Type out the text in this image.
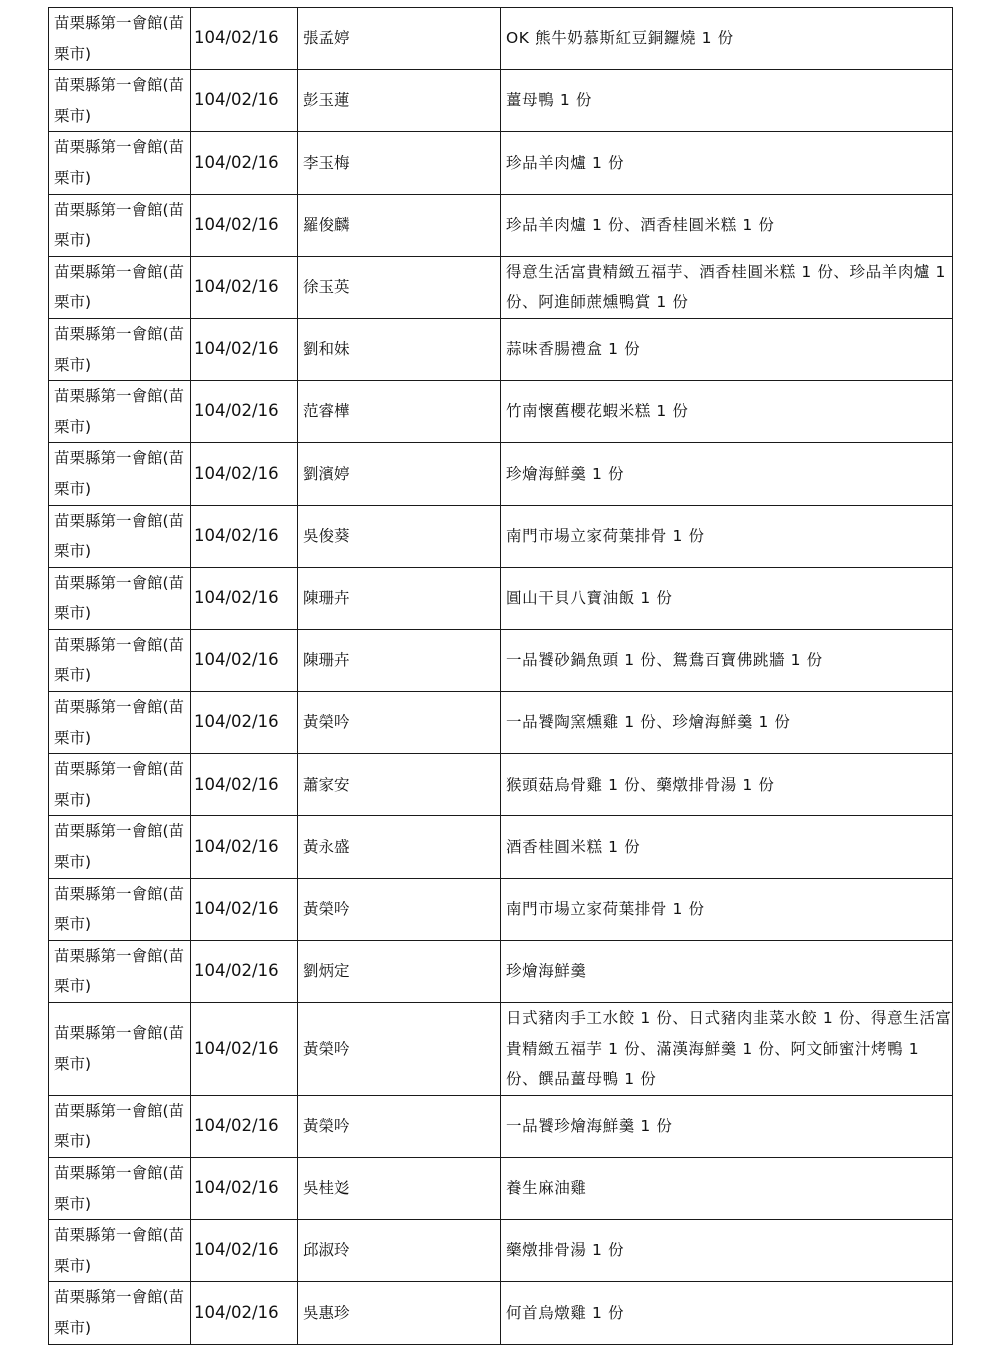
苗栗縣第一會館(苗栗市)	104/02/16	張孟婷	OK 熊牛奶慕斯紅豆銅鑼燒 1 份
苗栗縣第一會館(苗栗市)	104/02/16	彭玉蓮	薑母鴨 1 份
苗栗縣第一會館(苗栗市)	104/02/16	李玉梅	珍品羊肉爐 1 份
苗栗縣第一會館(苗栗市)	104/02/16	羅俊麟	珍品羊肉爐 1 份、酒香桂圓米糕 1 份
苗栗縣第一會館(苗栗市)	104/02/16	徐玉英	得意生活富貴精緻五福芋、酒香桂圓米糕 1 份、珍品羊肉爐 1 份、阿進師蔗燻鴨賞 1 份
苗栗縣第一會館(苗栗市)	104/02/16	劉和妹	蒜味香腸禮盒 1 份
苗栗縣第一會館(苗栗市)	104/02/16	范睿樺	竹南懷舊櫻花蝦米糕 1 份
苗栗縣第一會館(苗栗市)	104/02/16	劉濱婷	珍燴海鮮羹 1 份
苗栗縣第一會館(苗栗市)	104/02/16	吳俊葵	南門市場立家荷葉排骨 1 份
苗栗縣第一會館(苗栗市)	104/02/16	陳珊卉	圓山干貝八寶油飯 1 份
苗栗縣第一會館(苗栗市)	104/02/16	陳珊卉	一品饕砂鍋魚頭 1 份、鴛鴦百寶佛跳牆 1 份
苗栗縣第一會館(苗栗市)	104/02/16	黃榮吟	一品饕陶窯燻雞 1 份、珍燴海鮮羹 1 份
苗栗縣第一會館(苗栗市)	104/02/16	蕭家安	猴頭菇烏骨雞 1 份、藥燉排骨湯 1 份
苗栗縣第一會館(苗栗市)	104/02/16	黃永盛	酒香桂圓米糕 1 份
苗栗縣第一會館(苗栗市)	104/02/16	黃榮吟	南門市場立家荷葉排骨 1 份
苗栗縣第一會館(苗栗市)	104/02/16	劉炳定	珍燴海鮮羹
苗栗縣第一會館(苗栗市)	104/02/16	黃榮吟	日式豬肉手工水餃 1 份、日式豬肉韭菜水餃 1 份、得意生活富貴精緻五福芋 1 份、滿漢海鮮羹 1 份、阿文師蜜汁烤鴨 1 份、饌品薑母鴨 1 份
苗栗縣第一會館(苗栗市)	104/02/16	黃榮吟	一品饕珍燴海鮮羹 1 份
苗栗縣第一會館(苗栗市)	104/02/16	吳桂彣	養生麻油雞
苗栗縣第一會館(苗栗市)	104/02/16	邱淑玲	藥燉排骨湯 1 份
苗栗縣第一會館(苗栗市)	104/02/16	吳惠珍	何首烏燉雞 1 份
